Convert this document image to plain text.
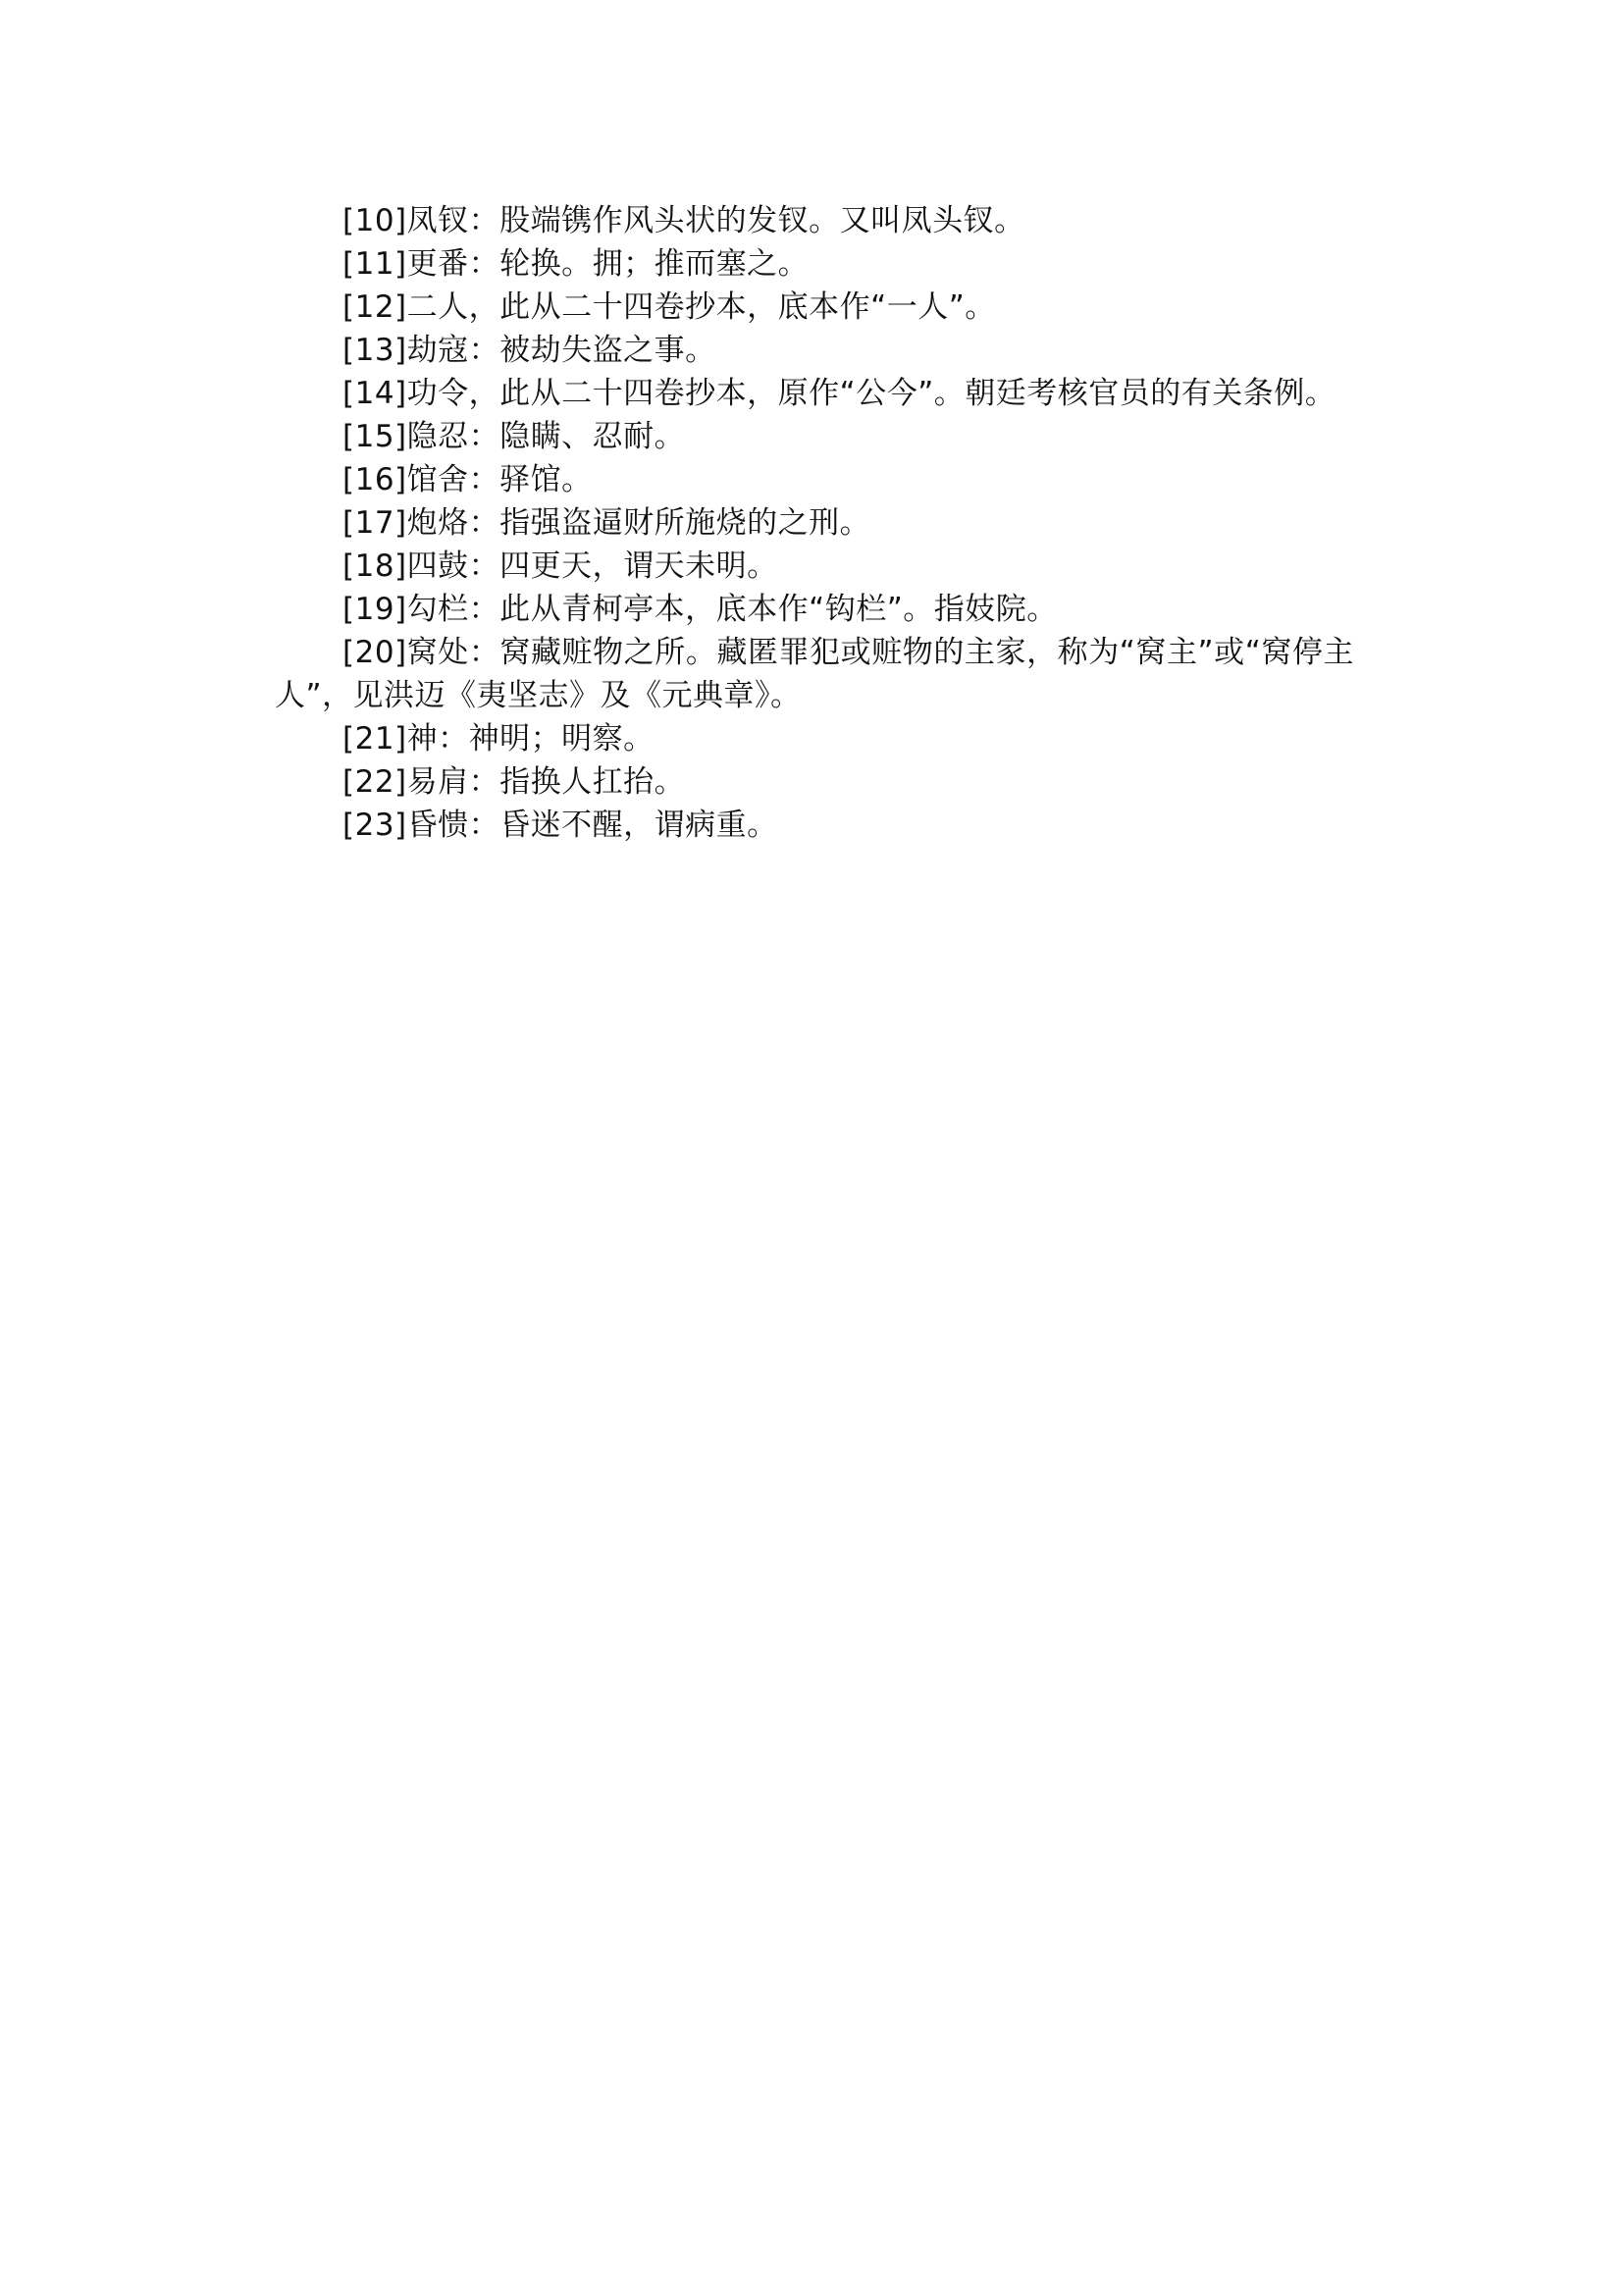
[10]凤钗：股端镌作风头状的发钗。又叫凤头钗。

[11]更番：轮换。拥；推而塞之。

[12]二人，此从二十四卷抄本，底本作“一人”。

[13]劫寇：被劫失盗之事。

[14]功令，此从二十四卷抄本，原作“公今”。朝廷考核官员的有关条例。

[15]隐忍：隐瞒、忍耐。

[16]馆舍：驿馆。

[17]炮烙：指强盗逼财所施烧的之刑。

[18]四鼓：四更天，谓天未明。

[19]勾栏：此从青柯亭本，底本作“钩栏”。指妓院。

[20]窝处：窝藏赃物之所。藏匿罪犯或赃物的主家，称为“窝主”或“窝停主人”，见洪迈《夷坚志》及《元典章》。

[21]神：神明；明察。

[22]易肩：指换人扛抬。

[23]昏愦：昏迷不醒，谓病重。
